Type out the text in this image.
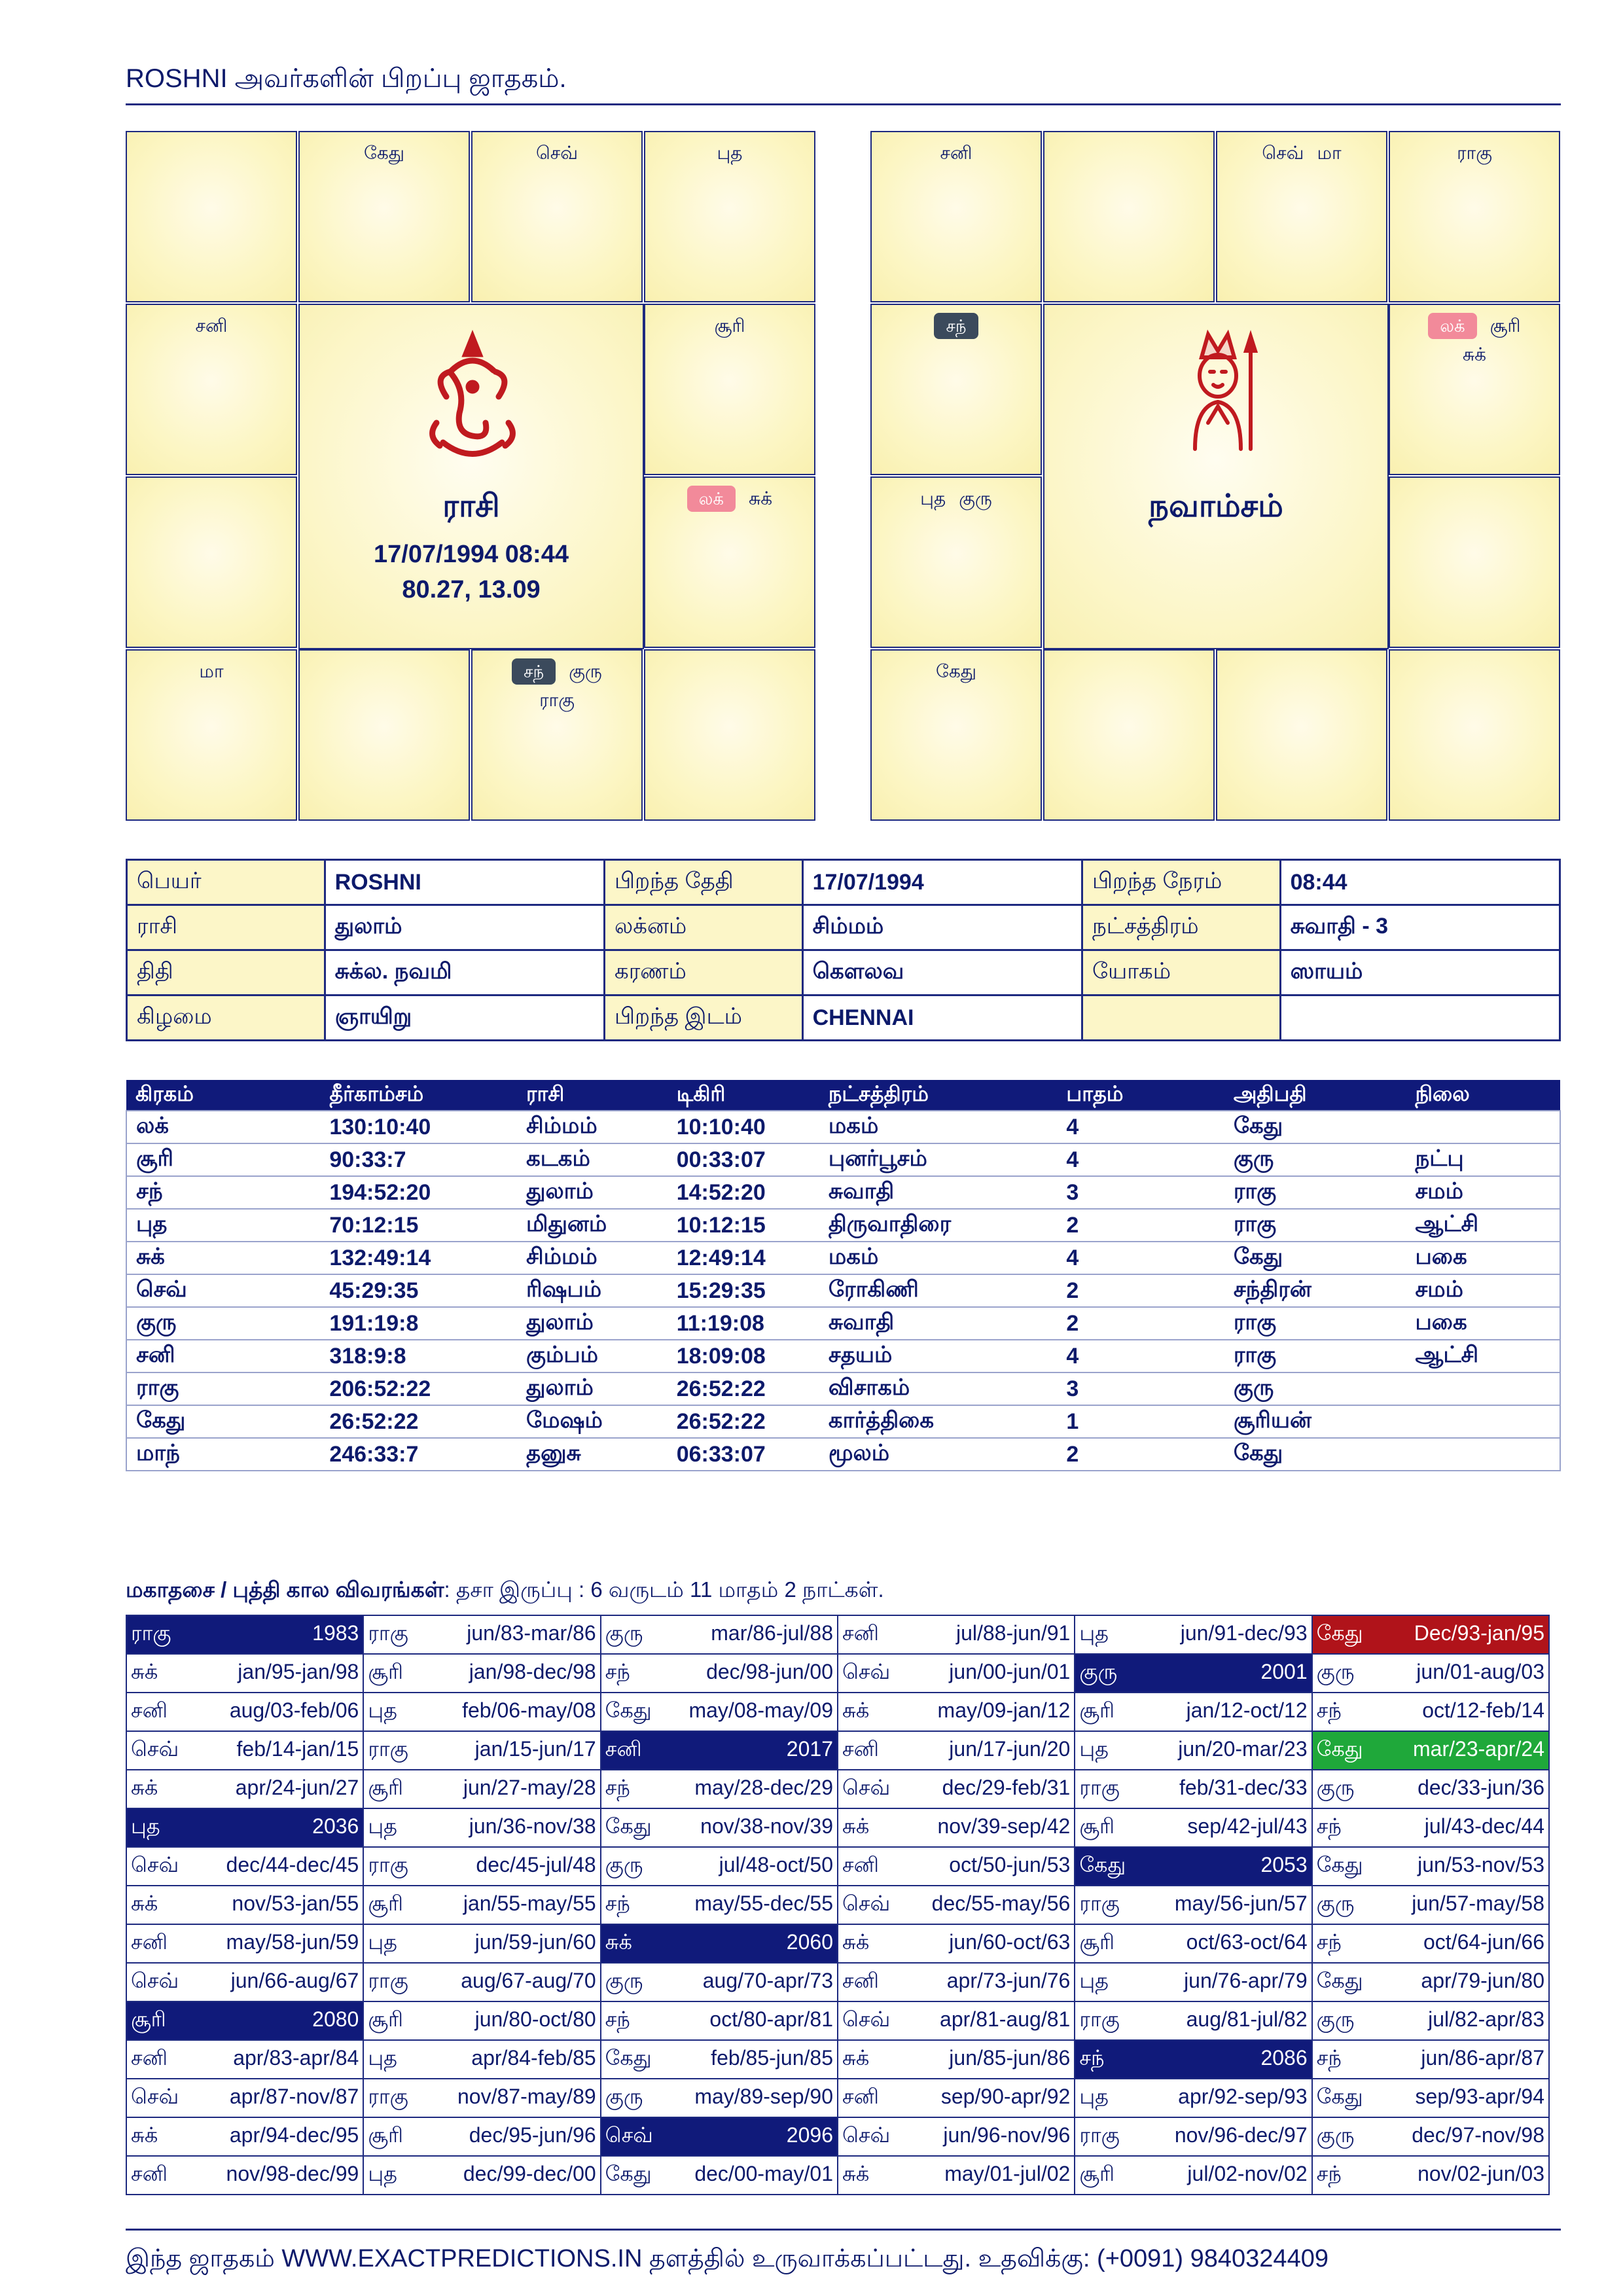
ROSHNI அவர்களின் பிறப்பு ஜாதகம்.
கேது	செவ்	புத
சனி	சூரி
லக் சுக்
மா	சந் குரு
ராகு
ராசி
17/07/1994 08:44
80.27, 13.09
சனி	செவ் மா	ராகு
சந்	லக் சூரி
சுக்
புத குரு
கேது
நவாம்சம்
பெயர்	ROSHNI	பிறந்த தேதி	17/07/1994	பிறந்த நேரம்	08:44
ராசி	துலாம்	லக்னம்	சிம்மம்	நட்சத்திரம்	சுவாதி - 3
திதி	சுக்ல. நவமி	கரணம்	கௌலவ	யோகம்	ஸாயம்
கிழமை	ஞாயிறு	பிறந்த இடம்	CHENNAI		
கிரகம்	தீர்காம்சம்	ராசி	டிகிரி	நட்சத்திரம்	பாதம்	அதிபதி	நிலை
லக்	130:10:40	சிம்மம்	10:10:40	மகம்	4	கேது	
சூரி	90:33:7	கடகம்	00:33:07	புனர்பூசம்	4	குரு	நட்பு
சந்	194:52:20	துலாம்	14:52:20	சுவாதி	3	ராகு	சமம்
புத	70:12:15	மிதுனம்	10:12:15	திருவாதிரை	2	ராகு	ஆட்சி
சுக்	132:49:14	சிம்மம்	12:49:14	மகம்	4	கேது	பகை
செவ்	45:29:35	ரிஷபம்	15:29:35	ரோகிணி	2	சந்திரன்	சமம்
குரு	191:19:8	துலாம்	11:19:08	சுவாதி	2	ராகு	பகை
சனி	318:9:8	கும்பம்	18:09:08	சதயம்	4	ராகு	ஆட்சி
ராகு	206:52:22	துலாம்	26:52:22	விசாகம்	3	குரு	
கேது	26:52:22	மேஷம்	26:52:22	கார்த்திகை	1	சூரியன்	
மாந்	246:33:7	தனுசு	06:33:07	மூலம்	2	கேது	
மகாதசை / புத்தி கால விவரங்கள்: தசா இருப்பு : 6 வருடம் 11 மாதம் 2 நாட்கள்.
ராகு 1983	ராகு jun/83-mar/86	குரு mar/86-jul/88	சனி jul/88-jun/91	புத jun/91-dec/93	கேது Dec/93-jan/95

சுக் jan/95-jan/98	சூரி jan/98-dec/98	சந் dec/98-jun/00	செவ் jun/00-jun/01	குரு 2001	குரு jun/01-aug/03

சனி aug/03-feb/06	புத feb/06-may/08	கேது may/08-may/09	சுக் may/09-jan/12	சூரி jan/12-oct/12	சந் oct/12-feb/14

செவ் feb/14-jan/15	ராகு jan/15-jun/17	சனி 2017	சனி jun/17-jun/20	புத jun/20-mar/23	கேது mar/23-apr/24

சுக் apr/24-jun/27	சூரி jun/27-may/28	சந் may/28-dec/29	செவ் dec/29-feb/31	ராகு feb/31-dec/33	குரு dec/33-jun/36

புத 2036	புத jun/36-nov/38	கேது nov/38-nov/39	சுக் nov/39-sep/42	சூரி sep/42-jul/43	சந் jul/43-dec/44

செவ் dec/44-dec/45	ராகு dec/45-jul/48	குரு jul/48-oct/50	சனி oct/50-jun/53	கேது 2053	கேது jun/53-nov/53

சுக் nov/53-jan/55	சூரி jan/55-may/55	சந் may/55-dec/55	செவ் dec/55-may/56	ராகு may/56-jun/57	குரு jun/57-may/58

சனி may/58-jun/59	புத jun/59-jun/60	சுக் 2060	சுக் jun/60-oct/63	சூரி oct/63-oct/64	சந் oct/64-jun/66

செவ் jun/66-aug/67	ராகு aug/67-aug/70	குரு aug/70-apr/73	சனி apr/73-jun/76	புத jun/76-apr/79	கேது apr/79-jun/80

சூரி 2080	சூரி jun/80-oct/80	சந் oct/80-apr/81	செவ் apr/81-aug/81	ராகு aug/81-jul/82	குரு jul/82-apr/83

சனி apr/83-apr/84	புத apr/84-feb/85	கேது feb/85-jun/85	சுக் jun/85-jun/86	சந் 2086	சந் jun/86-apr/87

செவ் apr/87-nov/87	ராகு nov/87-may/89	குரு may/89-sep/90	சனி sep/90-apr/92	புத apr/92-sep/93	கேது sep/93-apr/94

சுக் apr/94-dec/95	சூரி dec/95-jun/96	செவ் 2096	செவ் jun/96-nov/96	ராகு nov/96-dec/97	குரு dec/97-nov/98

சனி nov/98-dec/99	புத dec/99-dec/00	கேது dec/00-may/01	சுக் may/01-jul/02	சூரி jul/02-nov/02	சந் nov/02-jun/03
இந்த ஜாதகம் WWW.EXACTPREDICTIONS.IN தளத்தில் உருவாக்கப்பட்டது. உதவிக்கு: (+0091) 9840324409
